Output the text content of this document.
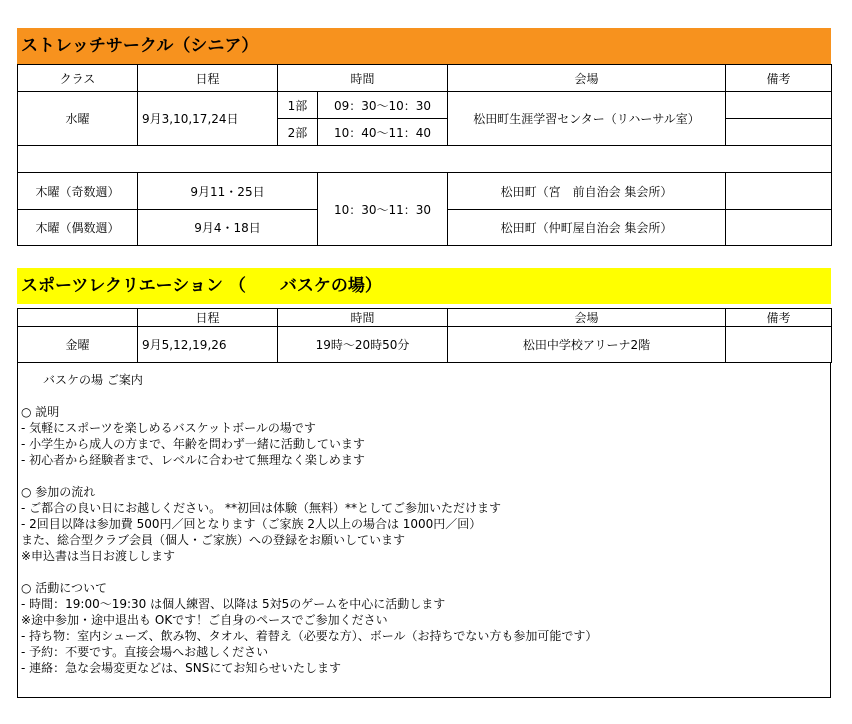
ストレッチサークル（シニア）
クラス	日程	時間		会場	備考
水曜	9月3,10,17,24日	1部	09：30～10：30	松田町生涯学習センター（リハーサル室）	
		2部	10：40～11：40		

木曜（奇数週）	9月11・25日		10：30～11：30	松田町（宮　前自治会 集会所）	
木曜（偶数週）	9月4・18日			松田町（仲町屋自治会 集会所）	
スポーツレクリエーション （　　バスケの場）
	日程	時間	会場	備考
金曜	9月5,12,19,26	19時～20時50分	松田中学校アリーナ2階	
バスケの場 ご案内
○ 説明
- 気軽にスポーツを楽しめるバスケットボールの場です
- 小学生から成人の方まで、年齢を問わず一緒に活動しています
- 初心者から経験者まで、レベルに合わせて無理なく楽しめます
○ 参加の流れ
- ご都合の良い日にお越しください。 **初回は体験（無料）**としてご参加いただけます
- 2回目以降は参加費 500円／回となります（ご家族 2人以上の場合は 1000円／回）
また、総合型クラブ会員（個人・ご家族）への登録をお願いしています
※申込書は当日お渡しします
○ 活動について
- 時間：19:00～19:30 は個人練習、以降は 5対5のゲームを中心に活動します
※途中参加・途中退出も OKです！ご自身のペースでご参加ください
- 持ち物：室内シューズ、飲み物、タオル、着替え（必要な方）、ボール（お持ちでない方も参加可能です）
- 予約：不要です。直接会場へお越しください
- 連絡：急な会場変更などは、SNSにてお知らせいたします
